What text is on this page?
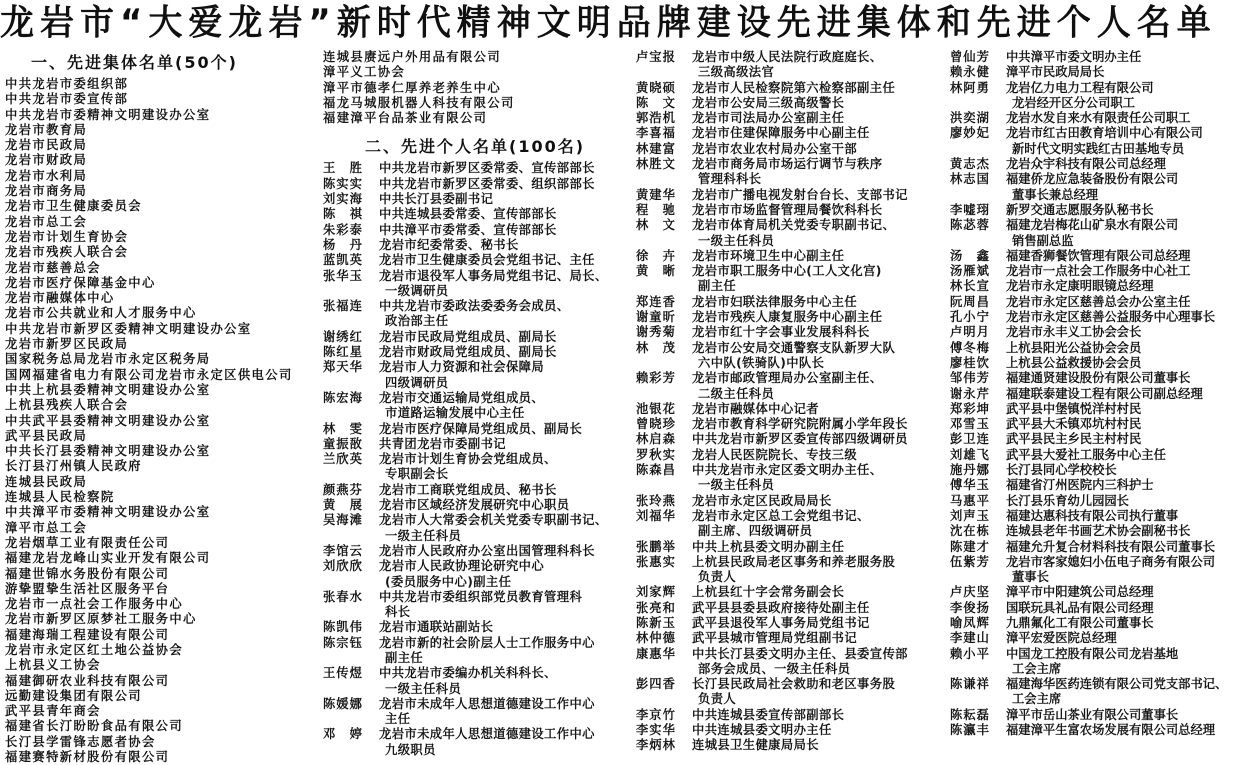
龙岩市“大爱龙岩”新时代精神文明品牌建设先进集体和先进个人名单
一、先进集体名单(50个)
中共龙岩市委组织部
中共龙岩市委宣传部
中共龙岩市委精神文明建设办公室
龙岩市教育局
龙岩市民政局
龙岩市财政局
龙岩市水利局
龙岩市商务局
龙岩市卫生健康委员会
龙岩市总工会
龙岩市计划生育协会
龙岩市残疾人联合会
龙岩市慈善总会
龙岩市医疗保障基金中心
龙岩市融媒体中心
龙岩市公共就业和人才服务中心
中共龙岩市新罗区委精神文明建设办公室
龙岩市新罗区民政局
国家税务总局龙岩市永定区税务局
国网福建省电力有限公司龙岩市永定区供电公司
中共上杭县委精神文明建设办公室
上杭县残疾人联合会
中共武平县委精神文明建设办公室
武平县民政局
中共长汀县委精神文明建设办公室
长汀县汀州镇人民政府
连城县民政局
连城县人民检察院
中共漳平市委精神文明建设办公室
漳平市总工会
龙岩烟草工业有限责任公司
福建龙岩龙峰山实业开发有限公司
福建世锦水务股份有限公司
游挚盟挚生活社区服务平台
龙岩市一点社会工作服务中心
龙岩市新罗区原梦社工服务中心
福建海瑞工程建设有限公司
龙岩市永定区红土地公益协会
上杭县义工协会
福建御研农业科技有限公司
远勤建设集团有限公司
武平县青年商会
福建省长汀盼盼食品有限公司
长汀县学雷锋志愿者协会
福建赛特新材股份有限公司
连城县赓远户外用品有限公司
漳平义工协会
漳平市德孝仁厚养老养生中心
福龙马城服机器人科技有限公司
福建漳平台品茶业有限公司
二、先进个人名单(100名)
王　胜	中共龙岩市新罗区委常委、宣传部部长
陈实实	中共龙岩市新罗区委常委、组织部部长
刘实海	中共长汀县委副书记
陈　祺	中共连城县委常委、宣传部部长
朱彩泰	中共漳平市委常委、宣传部部长
杨　丹	龙岩市纪委常委、秘书长
蓝凯英	龙岩市卫生健康委员会党组书记、主任
张华玉	龙岩市退役军人事务局党组书记、局长、
一级调研员
张福连	中共龙岩市委政法委委务会成员、
政治部主任
谢绣红	龙岩市民政局党组成员、副局长
陈红星	龙岩市财政局党组成员、副局长
郑天华	龙岩市人力资源和社会保障局
四级调研员
陈宏海	龙岩市交通运输局党组成员、
市道路运输发展中心主任
林　雯	龙岩市医疗保障局党组成员、副局长
童振敔	共青团龙岩市委副书记
兰欣英	龙岩市计划生育协会党组成员、
专职副会长
颜燕芬	龙岩市工商联党组成员、秘书长
黄　展	龙岩市区域经济发展研究中心职员
吴海滩	龙岩市人大常委会机关党委专职副书记、
一级主任科员
李馆云	龙岩市人民政府办公室出国管理科科长
刘欣欣	龙岩市人民政协理论研究中心
(委员服务中心)副主任
张春水	中共龙岩市委组织部党员教育管理科
科长
陈凯伟	龙岩市通联站副站长
陈宗钰	龙岩市新的社会阶层人士工作服务中心
副主任
王传煜	中共龙岩市委编办机关科科长、
一级主任科员
陈媛娜	龙岩市未成年人思想道德建设工作中心
主任
邓　婷	龙岩市未成年人思想道德建设工作中心
九级职员
卢宝报	龙岩市中级人民法院行政庭庭长、
三级高级法官
黄晓硕	龙岩市人民检察院第六检察部副主任
陈　文	龙岩市公安局三级高级警长
郭浩机	龙岩市司法局办公室副主任
李喜福	龙岩市住建保障服务中心副主任
林建富	龙岩市农业农村局办公室干部
林胜文	龙岩市商务局市场运行调节与秩序
管理科科长
黄建华	龙岩市广播电视发射台台长、支部书记
程　驰	龙岩市市场监督管理局餐饮科科长
林　文	龙岩市体育局机关党委专职副书记、
一级主任科员
徐　卉	龙岩市环境卫生中心副主任
黄　晰	龙岩市职工服务中心(工人文化宫)
副主任
郑连香	龙岩市妇联法律服务中心主任
谢童昕	龙岩市残疾人康复服务中心副主任
谢秀菊	龙岩市红十字会事业发展科科长
林　茂	龙岩市公安局交通警察支队新罗大队
六中队(铁骑队)中队长
赖彩芳	龙岩市邮政管理局办公室副主任、
二级主任科员
池银花	龙岩市融媒体中心记者
曾晓珍	龙岩市教育科学研究院附属小学年段长
林启森	中共龙岩市新罗区委宣传部四级调研员
罗秋实	龙岩人民医院院长、专技三级
陈森昌	中共龙岩市永定区委文明办主任、
一级主任科员
张玲燕	龙岩市永定区民政局局长
刘福华	龙岩市永定区总工会党组书记、
副主席、四级调研员
张鹏举	中共上杭县委文明办副主任
张惠实	上杭县民政局老区事务和养老服务股
负责人
刘家辉	上杭县红十字会常务副会长
张亮和	武平县县委县政府接待处副主任
陈新玉	武平县退役军人事务局党组书记
林仲德	武平县城市管理局党组副书记
康惠华	中共长汀县委文明办主任、县委宣传部
部务会成员、一级主任科员
彭四香	长汀县民政局社会救助和老区事务股
负责人
李京竹	中共连城县委宣传部副部长
李实华	中共连城县委文明办主任
李炳林	连城县卫生健康局局长
曾仙芳	中共漳平市委文明办主任
赖永健	漳平市民政局局长
林阿勇	龙岩亿力电力工程有限公司
龙岩经开区分公司职工
洪奕湖	龙岩水发自来水有限责任公司职工
廖妙妃	龙岩市红古田教育培训中心有限公司
新时代文明实践红古田基地专员
黄志杰	龙岩众宇科技有限公司总经理
林志国	福建侨龙应急装备股份有限公司
董事长兼总经理
李嘘珝	新罗交通志愿服务队秘书长
陈苾蓉	福建龙岩梅花山矿泉水有限公司
销售副总监
汤　鑫	福建香狮餐饮管理有限公司总经理
汤雁斌	龙岩市一点社会工作服务中心社工
林长宣	龙岩市永定康明眼镜总经理
阮周昌	龙岩市永定区慈善总会办公室主任
孔小宁	龙岩市永定区慈善公益服务中心理事长
卢明月	龙岩市永丰义工协会会长
傅冬梅	上杭县阳光公益协会会员
廖桂饮	上杭县公益救援协会会员
邹伟芳	福建通贤建设股份有限公司董事长
谢永芹	福建联泰建设工程有限公司副总经理
郑彩坤	武平县中堡镇悦洋村村民
邓雪玉	武平县大禾镇邓坑村村民
彭卫连	武平县民主乡民主村村民
刘雄飞	武平县大爱社工服务中心主任
施丹娜	长汀县同心学校校长
傅华玉	福建省汀州医院内三科护士
马惠平	长汀县乐育幼儿园园长
刘声玉	福建达惠科技有限公司执行董事
沈在栋	连城县老年书画艺术协会副秘书长
陈建才	福建允升复合材料科技有限公司董事长
伍紫芳	龙岩市客家媳妇小伍电子商务有限公司
董事长
卢庆坚	漳平市中阳建筑公司总经理
李俊扬	国联玩具礼品有限公司经理
喻凤辉	九鼎氟化工有限公司董事长
李建山	漳平宏爱医院总经理
赖小平	中国龙工控股有限公司龙岩基地
工会主席
陈谦祥	福建海华医药连锁有限公司党支部书记、
工会主席
陈耘磊	漳平市岳山茶业有限公司董事长
陈瀛丰	福建漳平生富农场发展有限公司总经理
